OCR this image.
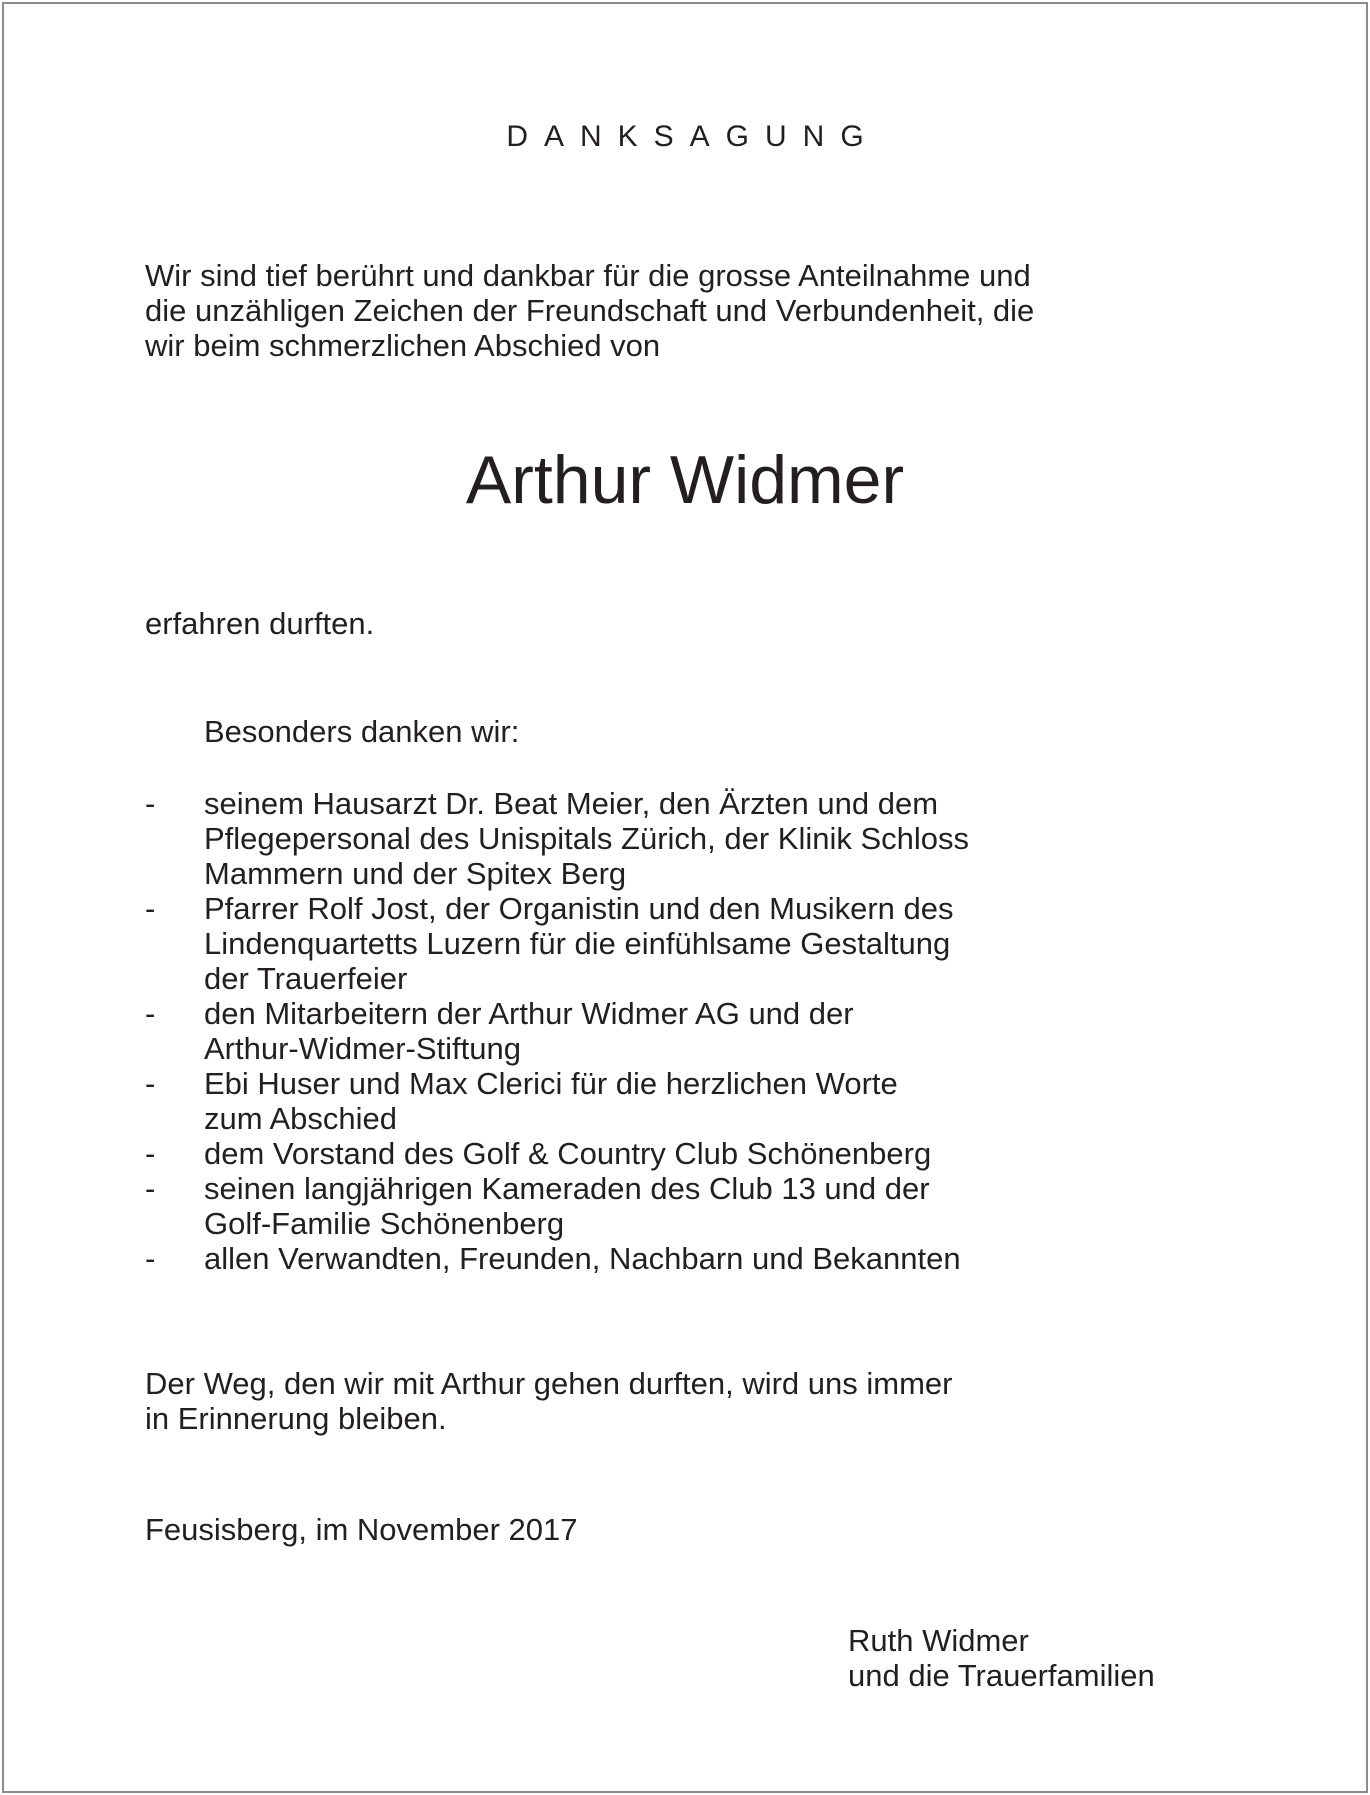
DANKSAGUNG
Wir sind tief berührt und dankbar für die grosse Anteilnahme und
die unzähligen Zeichen der Freundschaft und Verbundenheit, die
wir beim schmerzlichen Abschied von
Arthur Widmer
erfahren durften.
Besonders danken wir:
- seinem Hausarzt Dr. Beat Meier, den Ärzten und dem
Pflegepersonal des Unispitals Zürich, der Klinik Schloss
Mammern und der Spitex Berg
- Pfarrer Rolf Jost, der Organistin und den Musikern des
Lindenquartetts Luzern für die einfühlsame Gestaltung
der Trauerfeier
- den Mitarbeitern der Arthur Widmer AG und der
Arthur-Widmer-Stiftung
- Ebi Huser und Max Clerici für die herzlichen Worte
zum Abschied
- dem Vorstand des Golf & Country Club Schönenberg
- seinen langjährigen Kameraden des Club 13 und der
Golf-Familie Schönenberg
- allen Verwandten, Freunden, Nachbarn und Bekannten
Der Weg, den wir mit Arthur gehen durften, wird uns immer
in Erinnerung bleiben.
Feusisberg, im November 2017
Ruth Widmer
und die Trauerfamilien
